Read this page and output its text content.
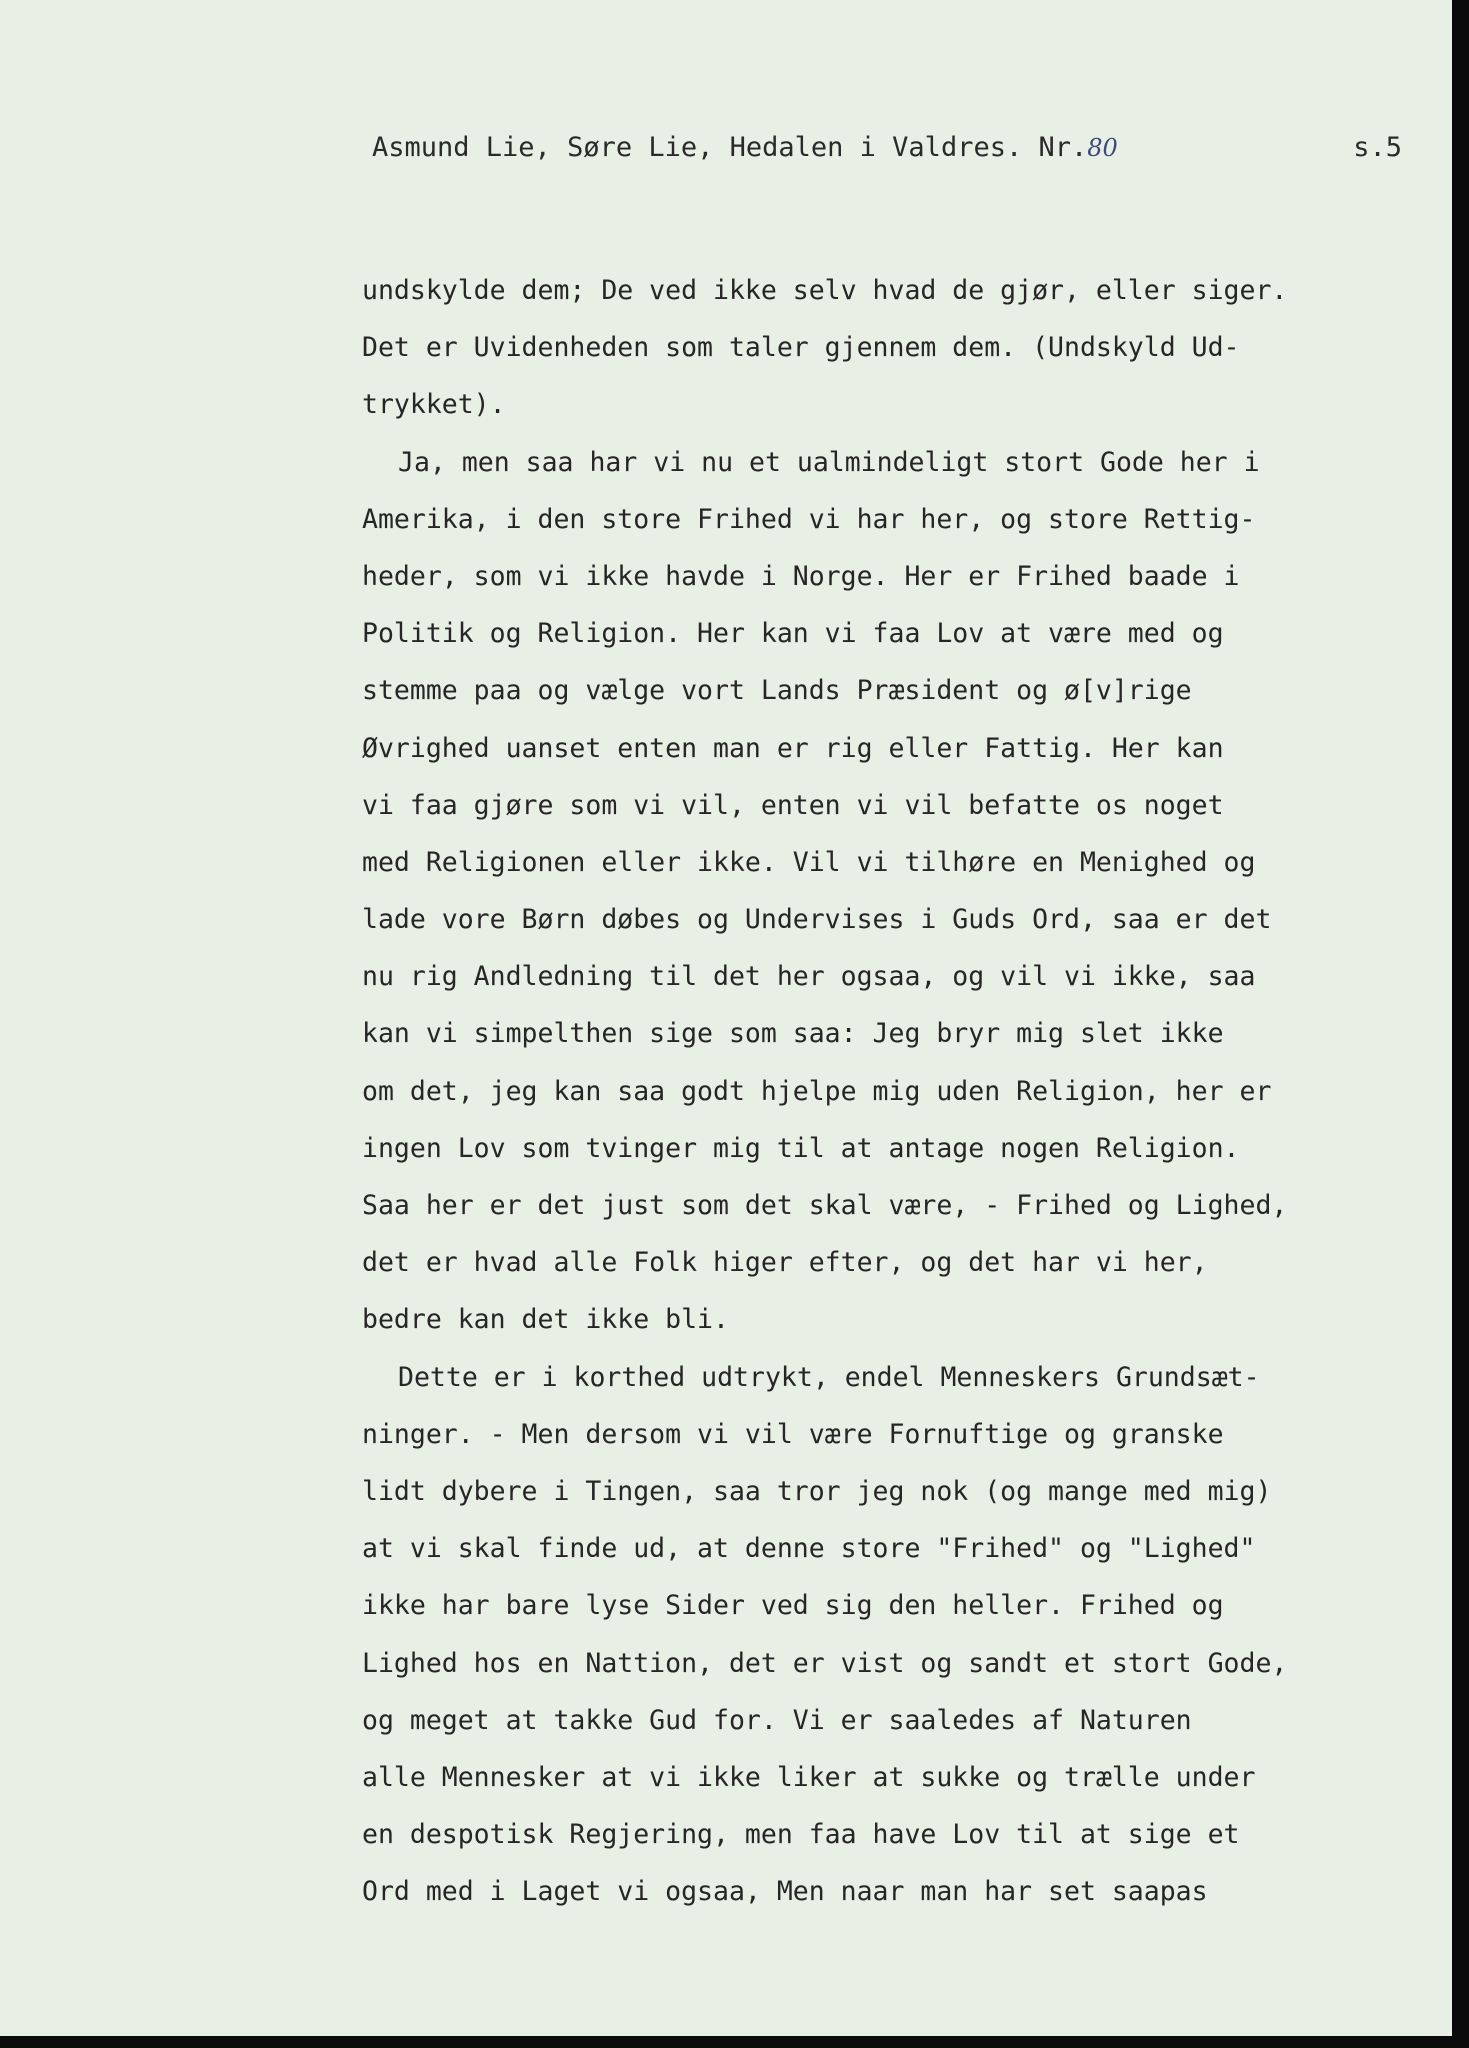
Asmund Lie, Søre Lie, Hedalen i Valdres. Nr.80	s.5
undskylde dem; De ved ikke selv hvad de gjør, eller siger.
Det er Uvidenheden som taler gjennem dem. (Undskyld Ud-
trykket).
Ja, men saa har vi nu et ualmindeligt stort Gode her i
Amerika, i den store Frihed vi har her, og store Rettig-
heder, som vi ikke havde i Norge. Her er Frihed baade i
Politik og Religion. Her kan vi faa Lov at være med og
stemme paa og vælge vort Lands Præsident og ø[v]rige
Øvrighed uanset enten man er rig eller Fattig. Her kan
vi faa gjøre som vi vil, enten vi vil befatte os noget
med Religionen eller ikke. Vil vi tilhøre en Menighed og
lade vore Børn døbes og Undervises i Guds Ord, saa er det
nu rig Andledning til det her ogsaa, og vil vi ikke, saa
kan vi simpelthen sige som saa: Jeg bryr mig slet ikke
om det, jeg kan saa godt hjelpe mig uden Religion, her er
ingen Lov som tvinger mig til at antage nogen Religion.
Saa her er det just som det skal være, - Frihed og Lighed,
det er hvad alle Folk higer efter, og det har vi her,
bedre kan det ikke bli.
Dette er i korthed udtrykt, endel Menneskers Grundsæt-
ninger. - Men dersom vi vil være Fornuftige og granske
lidt dybere i Tingen, saa tror jeg nok (og mange med mig)
at vi skal finde ud, at denne store "Frihed" og "Lighed"
ikke har bare lyse Sider ved sig den heller. Frihed og
Lighed hos en Nattion, det er vist og sandt et stort Gode,
og meget at takke Gud for. Vi er saaledes af Naturen
alle Mennesker at vi ikke liker at sukke og trælle under
en despotisk Regjering, men faa have Lov til at sige et
Ord med i Laget vi ogsaa, Men naar man har set saapas
